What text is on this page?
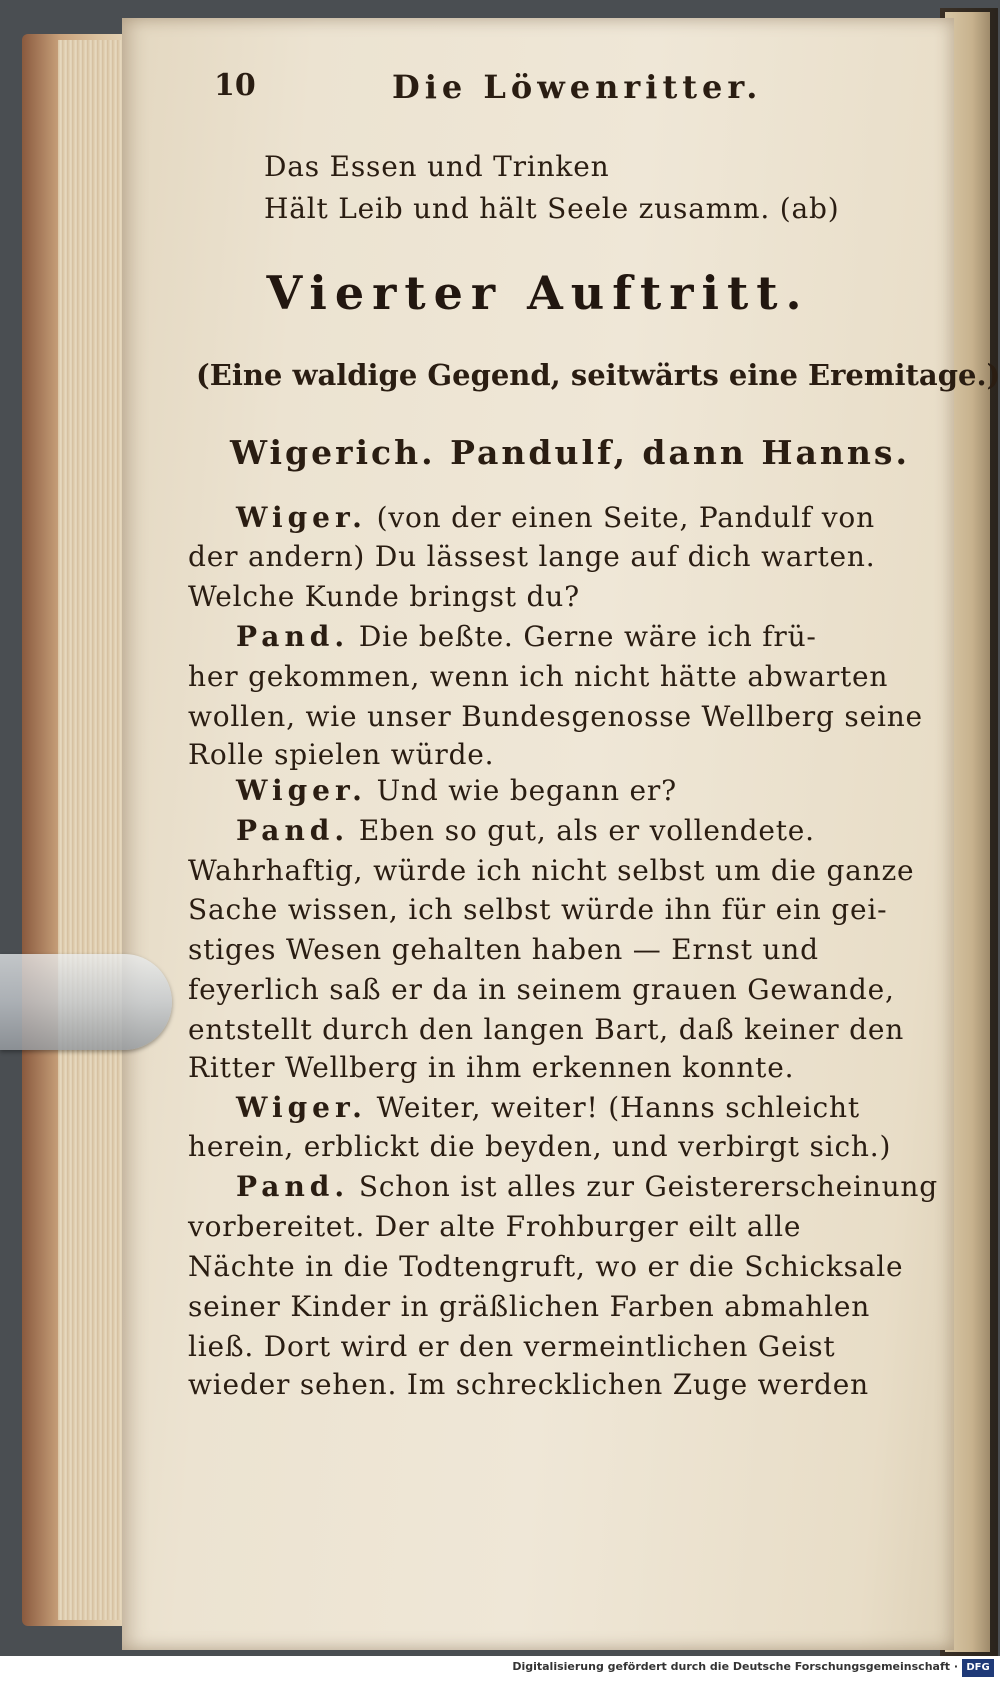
10	Die Löwenritter.
Das Essen und Trinken
Hält Leib und hält Seele zusamm. (ab)
Vierter Auftritt.
(Eine waldige Gegend, seitwärts eine Eremitage.)
Wigerich. Pandulf, dann Hanns.
Wiger. (von der einen Seite, Pandulf von
der andern) Du lässest lange auf dich warten.
Welche Kunde bringst du?
Pand. Die beßte. Gerne wäre ich frü-
her gekommen, wenn ich nicht hätte abwarten
wollen, wie unser Bundesgenosse Wellberg seine
Rolle spielen würde.
Wiger. Und wie begann er?
Pand. Eben so gut, als er vollendete.
Wahrhaftig, würde ich nicht selbst um die ganze
Sache wissen, ich selbst würde ihn für ein gei-
stiges Wesen gehalten haben — Ernst und
feyerlich saß er da in seinem grauen Gewande,
entstellt durch den langen Bart, daß keiner den
Ritter Wellberg in ihm erkennen konnte.
Wiger. Weiter, weiter! (Hanns schleicht
herein, erblickt die beyden, und verbirgt sich.)
Pand. Schon ist alles zur Geistererscheinung
vorbereitet. Der alte Frohburger eilt alle
Nächte in die Todtengruft, wo er die Schicksale
seiner Kinder in gräßlichen Farben abmahlen
ließ. Dort wird er den vermeintlichen Geist
wieder sehen. Im schrecklichen Zuge werden
Digitalisierung gefördert durch die Deutsche Forschungsgemeinschaft · DFG
